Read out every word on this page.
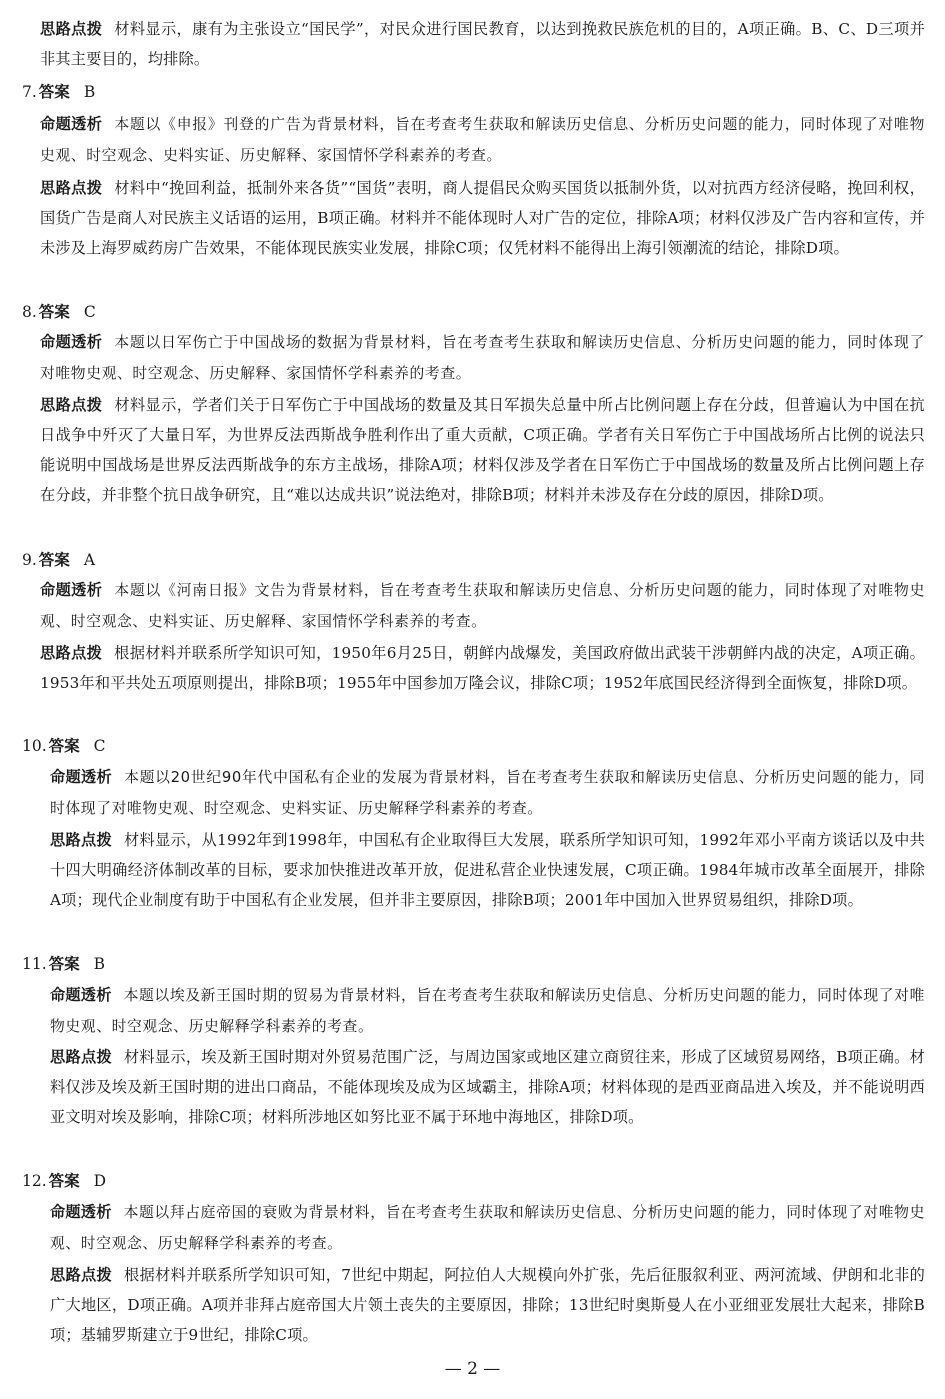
思路点拨 材料显示，康有为主张设立“国民学”，对民众进行国民教育，以达到挽救民族危机的目的，A项正确。B、C、D三项并非其主要目的，均排除。

7. 答案 B

命题透析 本题以《申报》刊登的广告为背景材料，旨在考查考生获取和解读历史信息、分析历史问题的能力，同时体现了对唯物史观、时空观念、史料实证、历史解释、家国情怀学科素养的考查。

思路点拨 材料中“挽回利益，抵制外来各货”“国货”表明，商人提倡民众购买国货以抵制外货，以对抗西方经济侵略，挽回利权，国货广告是商人对民族主义话语的运用，B项正确。材料并不能体现时人对广告的定位，排除A项；材料仅涉及广告内容和宣传，并未涉及上海罗威药房广告效果，不能体现民族实业发展，排除C项；仅凭材料不能得出上海引领潮流的结论，排除D项。

8. 答案 C

命题透析 本题以日军伤亡于中国战场的数据为背景材料，旨在考查考生获取和解读历史信息、分析历史问题的能力，同时体现了对唯物史观、时空观念、历史解释、家国情怀学科素养的考查。

思路点拨 材料显示，学者们关于日军伤亡于中国战场的数量及其日军损失总量中所占比例问题上存在分歧，但普遍认为中国在抗日战争中歼灭了大量日军，为世界反法西斯战争胜利作出了重大贡献，C项正确。学者有关日军伤亡于中国战场所占比例的说法只能说明中国战场是世界反法西斯战争的东方主战场，排除A项；材料仅涉及学者在日军伤亡于中国战场的数量及所占比例问题上存在分歧，并非整个抗日战争研究，且“难以达成共识”说法绝对，排除B项；材料并未涉及存在分歧的原因，排除D项。

9. 答案 A

命题透析 本题以《河南日报》文告为背景材料，旨在考查考生获取和解读历史信息、分析历史问题的能力，同时体现了对唯物史观、时空观念、史料实证、历史解释、家国情怀学科素养的考查。

思路点拨 根据材料并联系所学知识可知，1950年6月25日，朝鲜内战爆发，美国政府做出武装干涉朝鲜内战的决定，A项正确。1953年和平共处五项原则提出，排除B项；1955年中国参加万隆会议，排除C项；1952年底国民经济得到全面恢复，排除D项。

10. 答案 C

命题透析 本题以20世纪90年代中国私有企业的发展为背景材料，旨在考查考生获取和解读历史信息、分析历史问题的能力，同时体现了对唯物史观、时空观念、史料实证、历史解释学科素养的考查。

思路点拨 材料显示，从1992年到1998年，中国私有企业取得巨大发展，联系所学知识可知，1992年邓小平南方谈话以及中共十四大明确经济体制改革的目标，要求加快推进改革开放，促进私营企业快速发展，C项正确。1984年城市改革全面展开，排除A项；现代企业制度有助于中国私有企业发展，但并非主要原因，排除B项；2001年中国加入世界贸易组织，排除D项。

11. 答案 B

命题透析 本题以埃及新王国时期的贸易为背景材料，旨在考查考生获取和解读历史信息、分析历史问题的能力，同时体现了对唯物史观、时空观念、历史解释学科素养的考查。

思路点拨 材料显示，埃及新王国时期对外贸易范围广泛，与周边国家或地区建立商贸往来，形成了区域贸易网络，B项正确。材料仅涉及埃及新王国时期的进出口商品，不能体现埃及成为区域霸主，排除A项；材料体现的是西亚商品进入埃及，并不能说明西亚文明对埃及影响，排除C项；材料所涉地区如努比亚不属于环地中海地区，排除D项。

12. 答案 D

命题透析 本题以拜占庭帝国的衰败为背景材料，旨在考查考生获取和解读历史信息、分析历史问题的能力，同时体现了对唯物史观、时空观念、历史解释学科素养的考查。

思路点拨 根据材料并联系所学知识可知，7世纪中期起，阿拉伯人大规模向外扩张，先后征服叙利亚、两河流域、伊朗和北非的广大地区，D项正确。A项并非拜占庭帝国大片领土丧失的主要原因，排除；13世纪时奥斯曼人在小亚细亚发展壮大起来，排除B项；基辅罗斯建立于9世纪，排除C项。

— 2 —
